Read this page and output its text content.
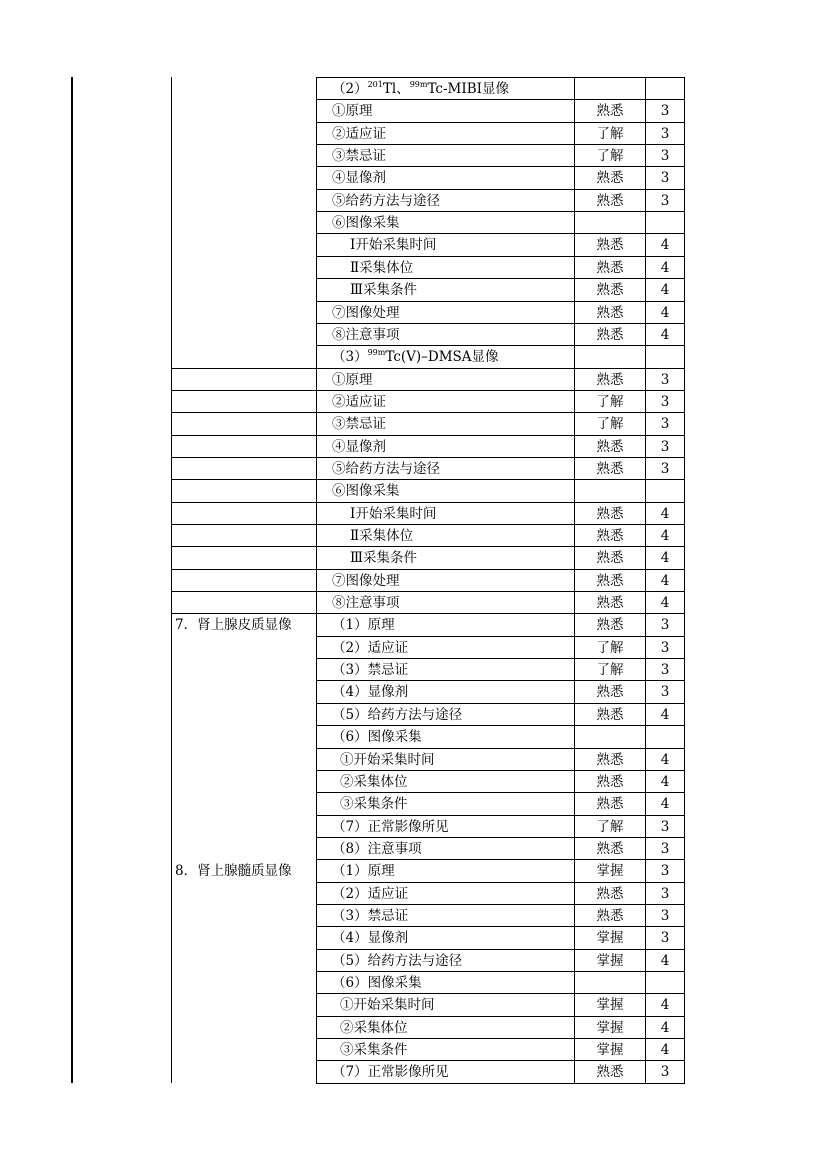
$(2)^{201}Tl$、$^{99m}$Tc-MIBI显像
①原理	熟悉	3
②适应证	了解	3
③禁忌证	了解	3
④显像剂	熟悉	3
⑤给药方法与途径	熟悉	3
⑥图像采集
Ⅰ开始采集时间	熟悉	4
Ⅱ采集体位	熟悉	4
Ⅲ采集条件	熟悉	4
⑦图像处理	熟悉	4
⑧注意事项	熟悉	4
$(3)^{99m}Tc(V)$–DMSA显像
①原理	熟悉	3
②适应证	了解	3
③禁忌证	了解	3
④显像剂	熟悉	3
⑤给药方法与途径	熟悉	3
⑥图像采集
Ⅰ开始采集时间	熟悉	4
Ⅱ采集体位	熟悉	4
Ⅲ采集条件	熟悉	4
⑦图像处理	熟悉	4
⑧注意事项	熟悉	4
7．肾上腺皮质显像	（1）原理	熟悉	3
（2）适应证	了解	3
（3）禁忌证	了解	3
（4）显像剂	熟悉	3
（5）给药方法与途径	熟悉	4
（6）图像采集
①开始采集时间	熟悉	4
②采集体位	熟悉	4
③采集条件	熟悉	4
（7）正常影像所见	了解	3
（8）注意事项	熟悉	3
8．肾上腺髓质显像	（1）原理	掌握	3
（2）适应证	熟悉	3
（3）禁忌证	熟悉	3
（4）显像剂	掌握	3
（5）给药方法与途径	掌握	4
（6）图像采集
①开始采集时间	掌握	4
②采集体位	掌握	4
③采集条件	掌握	4
（7）正常影像所见	熟悉	3
